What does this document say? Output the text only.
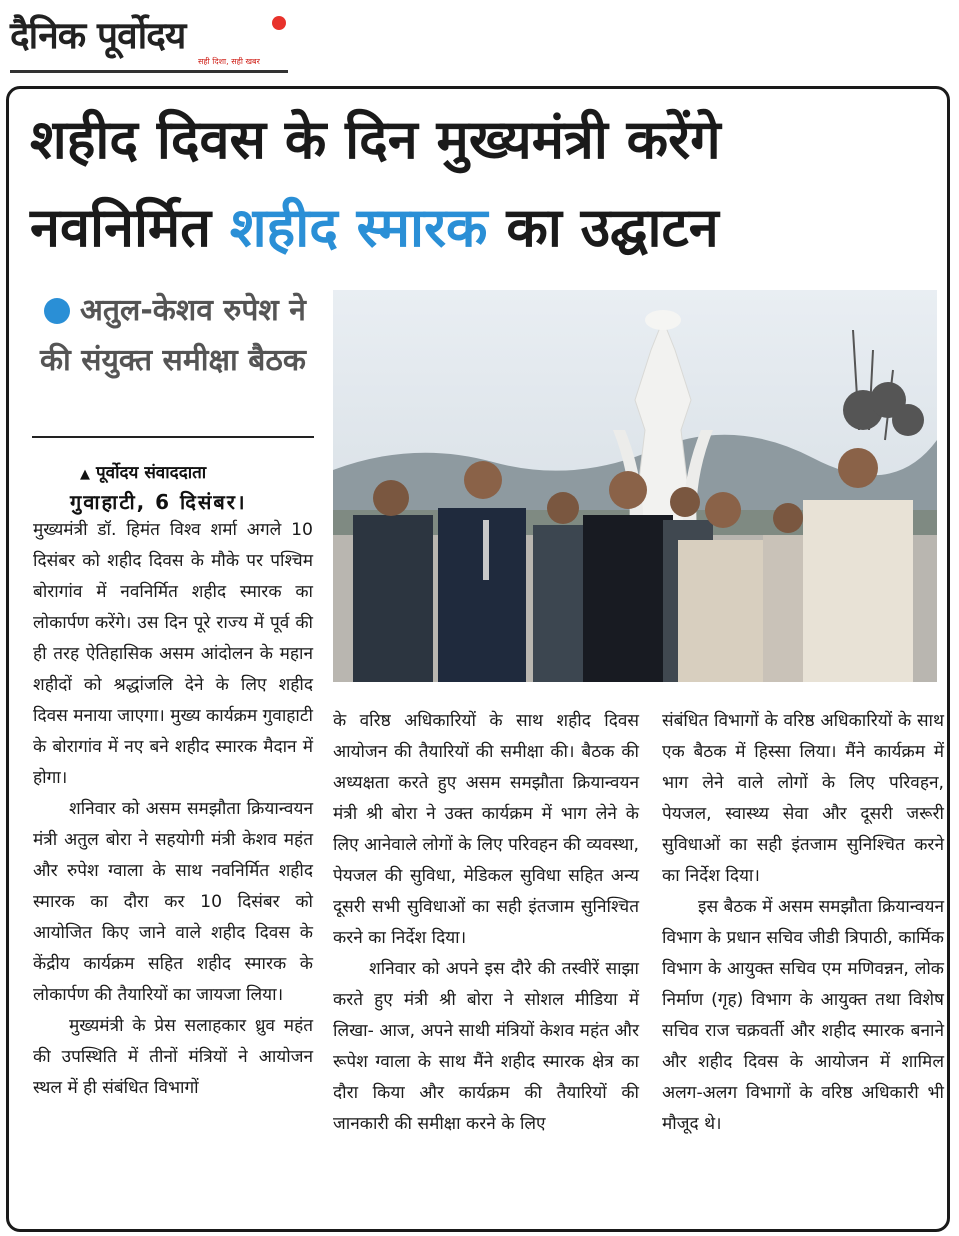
दैनिक पूर्वोदय
सही दिशा, सही खबर
शहीद दिवस के दिन मुख्यमंत्री करेंगे
नवनिर्मित शहीद स्मारक का उद्घाटन
अतुल-केशव रुपेश ने की संयुक्त समीक्षा बैठक
▲ पूर्वोदय संवाददाता
गुवाहाटी, 6 दिसंबर।

मुख्यमंत्री डॉ. हिमंत विश्व शर्मा अगले 10 दिसंबर को शहीद दिवस के मौके पर पश्चिम बोरागांव में नवनिर्मित शहीद स्मारक का लोकार्पण करेंगे। उस दिन पूरे राज्य में पूर्व की ही तरह ऐतिहासिक असम आंदोलन के महान शहीदों को श्रद्धांजलि देने के लिए शहीद दिवस मनाया जाएगा। मुख्य कार्यक्रम गुवाहाटी के बोरागांव में नए बने शहीद स्मारक मैदान में होगा।

शनिवार को असम समझौता क्रियान्वयन मंत्री अतुल बोरा ने सहयोगी मंत्री केशव महंत और रुपेश ग्वाला के साथ नवनिर्मित शहीद स्मारक का दौरा कर 10 दिसंबर को आयोजित किए जाने वाले शहीद दिवस के केंद्रीय कार्यक्रम सहित शहीद स्मारक के लोकार्पण की तैयारियों का जायजा लिया।

मुख्यमंत्री के प्रेस सलाहकार ध्रुव महंत की उपस्थिति में तीनों मंत्रियों ने आयोजन स्थल में ही संबंधित विभागों

के वरिष्ठ अधिकारियों के साथ शहीद दिवस आयोजन की तैयारियों की समीक्षा की। बैठक की अध्यक्षता करते हुए असम समझौता क्रियान्वयन मंत्री श्री बोरा ने उक्त कार्यक्रम में भाग लेने के लिए आनेवाले लोगों के लिए परिवहन की व्यवस्था, पेयजल की सुविधा, मेडिकल सुविधा सहित अन्य दूसरी सभी सुविधाओं का सही इंतजाम सुनिश्चित करने का निर्देश दिया।

शनिवार को अपने इस दौरे की तस्वीरें साझा करते हुए मंत्री श्री बोरा ने सोशल मीडिया में लिखा- आज, अपने साथी मंत्रियों केशव महंत और रूपेश ग्वाला के साथ मैंने शहीद स्मारक क्षेत्र का दौरा किया और कार्यक्रम की तैयारियों की जानकारी की समीक्षा करने के लिए

संबंधित विभागों के वरिष्ठ अधिकारियों के साथ एक बैठक में हिस्सा लिया। मैंने कार्यक्रम में भाग लेने वाले लोगों के लिए परिवहन, पेयजल, स्वास्थ्य सेवा और दूसरी जरूरी सुविधाओं का सही इंतजाम सुनिश्चित करने का निर्देश दिया।

इस बैठक में असम समझौता क्रियान्वयन विभाग के प्रधान सचिव जीडी त्रिपाठी, कार्मिक विभाग के आयुक्त सचिव एम मणिवन्नन, लोक निर्माण (गृह) विभाग के आयुक्त तथा विशेष सचिव राज चक्रवर्ती और शहीद स्मारक बनाने और शहीद दिवस के आयोजन में शामिल अलग-अलग विभागों के वरिष्ठ अधिकारी भी मौजूद थे।
